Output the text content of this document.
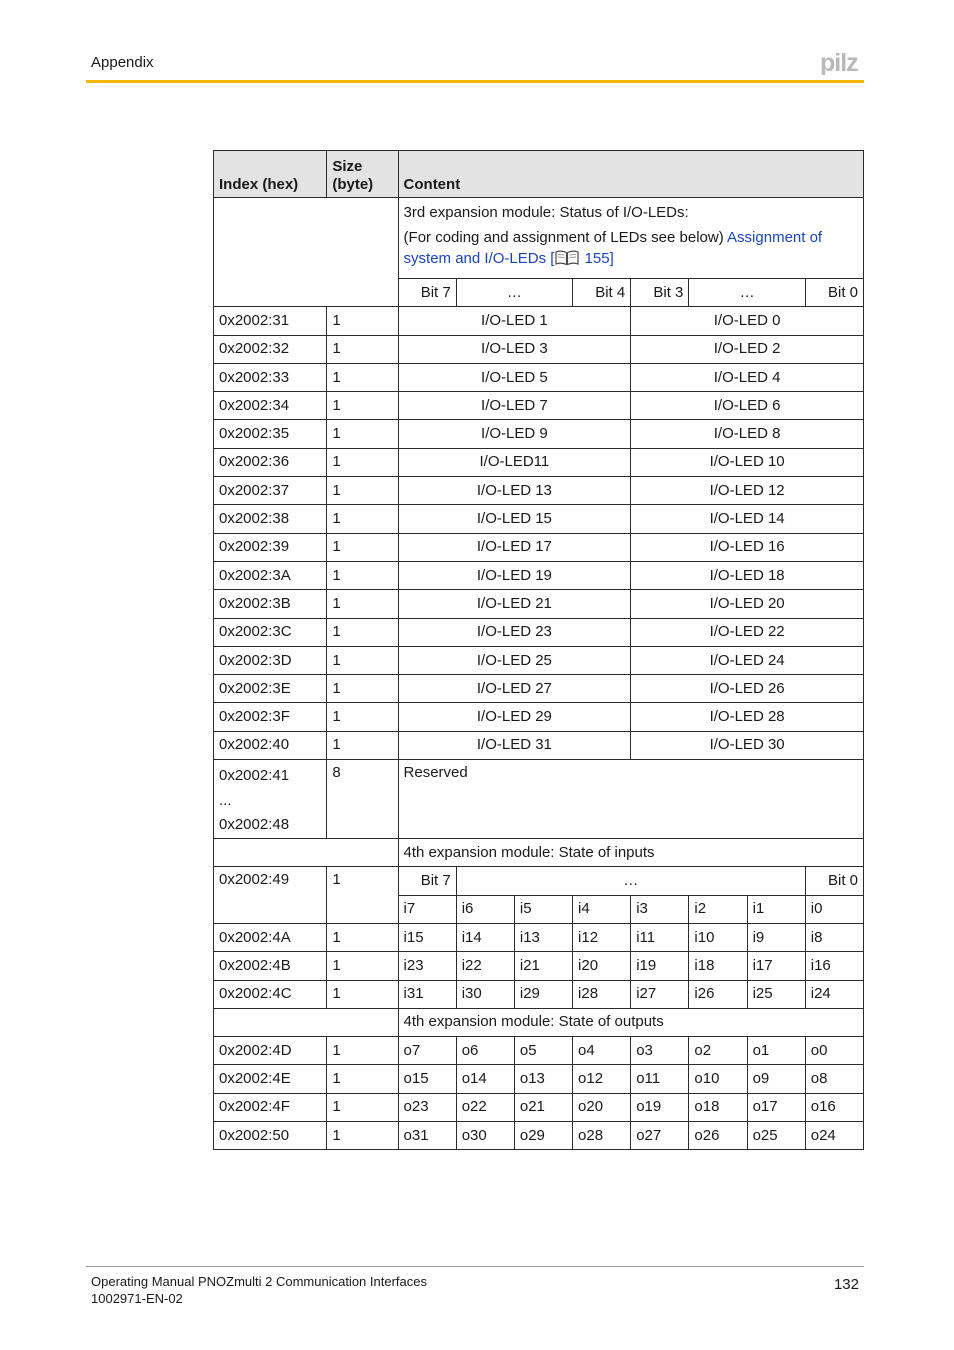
Appendix	pilz
Index (hex)	Size (byte)	Content							

		3rd expansion module: Status of I/O-LEDs:

(For coding and assignment of LEDs see below) Assignment of system and I/O-LEDs [ 155]							

		Bit 7	…		Bit 4	Bit 3	…		Bit 0
0x2002:31	1	I/O-LED 1				I/O-LED 0			
0x2002:32	1	I/O-LED 3				I/O-LED 2			
0x2002:33	1	I/O-LED 5				I/O-LED 4			
0x2002:34	1	I/O-LED 7				I/O-LED 6			
0x2002:35	1	I/O-LED 9				I/O-LED 8			
0x2002:36	1	I/O-LED11				I/O-LED 10			
0x2002:37	1	I/O-LED 13				I/O-LED 12			
0x2002:38	1	I/O-LED 15				I/O-LED 14			
0x2002:39	1	I/O-LED 17				I/O-LED 16			
0x2002:3A	1	I/O-LED 19				I/O-LED 18			
0x2002:3B	1	I/O-LED 21				I/O-LED 20			
0x2002:3C	1	I/O-LED 23				I/O-LED 22			
0x2002:3D	1	I/O-LED 25				I/O-LED 24			
0x2002:3E	1	I/O-LED 27				I/O-LED 26			
0x2002:3F	1	I/O-LED 29				I/O-LED 28			
0x2002:40	1	I/O-LED 31				I/O-LED 30			

0x2002:41
...
0x2002:48	8	Reserved							
		4th expansion module: State of inputs							
0x2002:49	1	Bit 7	…						Bit 0
		i7	i6	i5	i4	i3	i2	i1	i0
0x2002:4A	1	i15	i14	i13	i12	i11	i10	i9	i8
0x2002:4B	1	i23	i22	i21	i20	i19	i18	i17	i16
0x2002:4C	1	i31	i30	i29	i28	i27	i26	i25	i24
		4th expansion module: State of outputs							
0x2002:4D	1	o7	o6	o5	o4	o3	o2	o1	o0
0x2002:4E	1	o15	o14	o13	o12	o11	o10	o9	o8
0x2002:4F	1	o23	o22	o21	o20	o19	o18	o17	o16
0x2002:50	1	o31	o30	o29	o28	o27	o26	o25	o24
Operating Manual PNOZmulti 2 Communication Interfaces
1002971-EN-02
132
